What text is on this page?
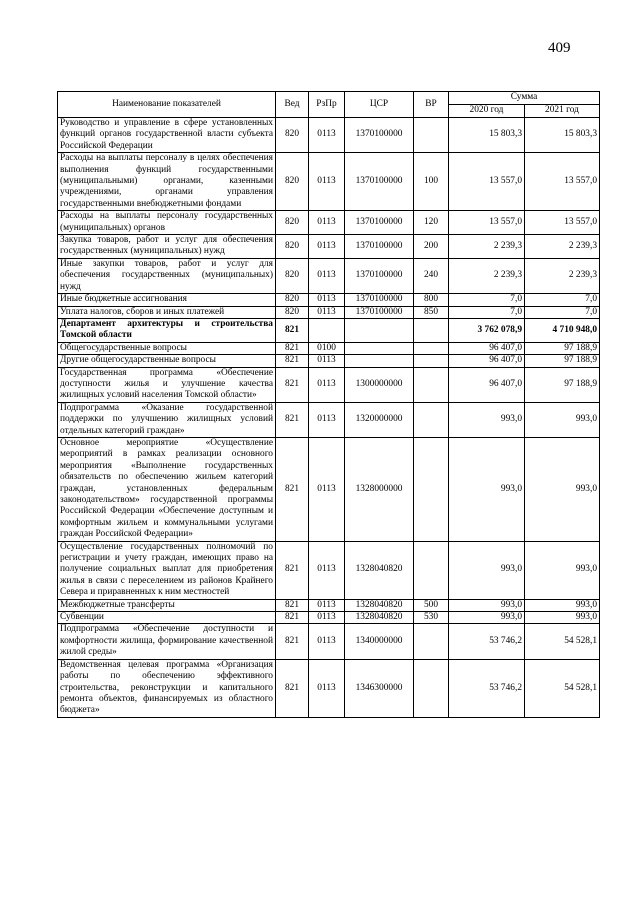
409
Наименование показателей	Вед	РзПр	ЦСР	ВР	Сумма	
					2020 год	2021 год
Руководство и управление в сфере установленных функций органов государственной власти субъекта Российской Федерации	820	0113	1370100000		15 803,3	15 803,3
Расходы на выплаты персоналу в целях обеспечения выполнения функций государственными (муниципальными) органами, казенными учреждениями, органами управления государственными внебюджетными фондами	820	0113	1370100000	100	13 557,0	13 557,0
Расходы на выплаты персоналу государственных (муниципальных) органов	820	0113	1370100000	120	13 557,0	13 557,0
Закупка товаров, работ и услуг для обеспечения государственных (муниципальных) нужд	820	0113	1370100000	200	2 239,3	2 239,3
Иные закупки товаров, работ и услуг для обеспечения государственных (муниципальных) нужд	820	0113	1370100000	240	2 239,3	2 239,3
Иные бюджетные ассигнования	820	0113	1370100000	800	7,0	7,0
Уплата налогов, сборов и иных платежей	820	0113	1370100000	850	7,0	7,0
Департамент архитектуры и строительства Томской области	821				3 762 078,9	4 710 948,0
Общегосударственные вопросы	821	0100			96 407,0	97 188,9
Другие общегосударственные вопросы	821	0113			96 407,0	97 188,9
Государственная программа «Обеспечение доступности жилья и улучшение качества жилищных условий населения Томской области»	821	0113	1300000000		96 407,0	97 188,9
Подпрограмма «Оказание государственной поддержки по улучшению жилищных условий отдельных категорий граждан»	821	0113	1320000000		993,0	993,0
Основное мероприятие «Осуществление мероприятий в рамках реализации основного мероприятия «Выполнение государственных обязательств по обеспечению жильем категорий граждан, установленных федеральным законодательством» государственной программы Российской Федерации «Обеспечение доступным и комфортным жильем и коммунальными услугами граждан Российской Федерации»	821	0113	1328000000		993,0	993,0
Осуществление государственных полномочий по регистрации и учету граждан, имеющих право на получение социальных выплат для приобретения жилья в связи с переселением из районов Крайнего Севера и приравненных к ним местностей	821	0113	1328040820		993,0	993,0
Межбюджетные трансферты	821	0113	1328040820	500	993,0	993,0
Субвенции	821	0113	1328040820	530	993,0	993,0
Подпрограмма «Обеспечение доступности и комфортности жилища, формирование качественной жилой среды»	821	0113	1340000000		53 746,2	54 528,1
Ведомственная целевая программа «Организация работы по обеспечению эффективного строительства, реконструкции и капитального ремонта объектов, финансируемых из областного бюджета»	821	0113	1346300000		53 746,2	54 528,1
